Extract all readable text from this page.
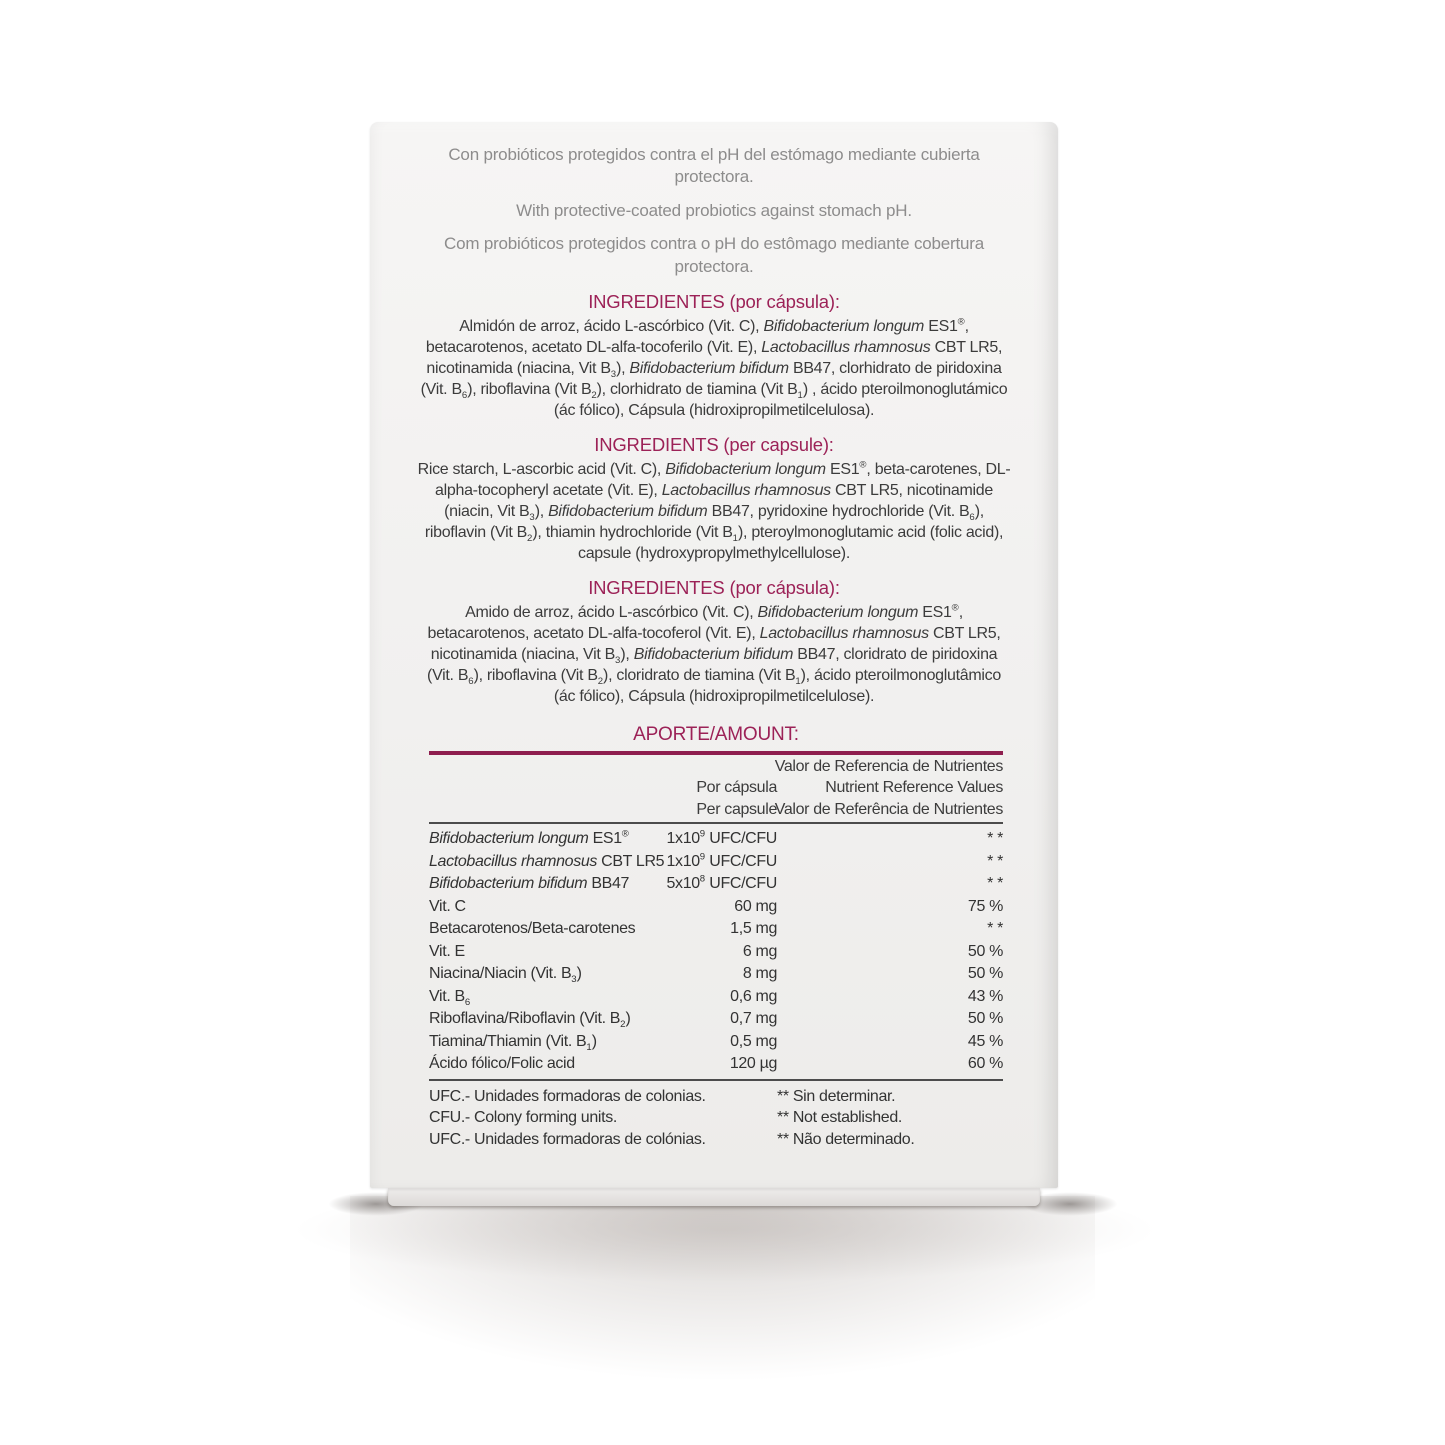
Con probióticos protegidos contra el pH del estómago mediante cubierta protectora.

With protective-coated probiotics against stomach pH.

Com probióticos protegidos contra o pH do estômago mediante cobertura protectora.

INGREDIENTES (por cápsula):

Almidón de arroz, ácido L-ascórbico (Vit. C), Bifidobacterium longum ES1®, betacarotenos, acetato DL-alfa-tocoferilo (Vit. E), Lactobacillus rhamnosus CBT LR5, nicotinamida (niacina, Vit $B_3$), Bifidobacterium bifidum BB47, clorhidrato de piridoxina (Vit. $B_6$), riboflavina (Vit $B_2$), clorhidrato de tiamina (Vit $B_1$) , ácido pteroilmonoglutámico (ác fólico), Cápsula (hidroxipropilmetilcelulosa).

INGREDIENTS (per capsule):

Rice starch, L-ascorbic acid (Vit. C), Bifidobacterium longum ES1®, beta-carotenes, DL-alpha-tocopheryl acetate (Vit. E), Lactobacillus rhamnosus CBT LR5, nicotinamide (niacin, Vit $B_3$), Bifidobacterium bifidum BB47, pyridoxine hydrochloride (Vit. $B_6$), riboflavin (Vit $B_2$), thiamin hydrochloride (Vit $B_1$), pteroylmonoglutamic acid (folic acid), capsule (hydroxypropylmethylcellulose).

INGREDIENTES (por cápsula):

Amido de arroz, ácido L-ascórbico (Vit. C), Bifidobacterium longum ES1®, betacarotenos, acetato DL-alfa-tocoferol (Vit. E), Lactobacillus rhamnosus CBT LR5, nicotinamida (niacina, Vit $B_3$), Bifidobacterium bifidum BB47, cloridrato de piridoxina (Vit. $B_6$), riboflavina (Vit $B_2$), cloridrato de tiamina (Vit $B_1$), ácido pteroilmonoglutâmico (ác fólico), Cápsula (hidroxipropilmetilcelulose).

APORTE/AMOUNT:
Por cápsula
Per capsule
Valor de Referencia de Nutrientes
Nutrient Reference Values
Valor de Referência de Nutrientes
Bifidobacterium longum ES1® $1x10^9$ UFC/CFU	* *
Lactobacillus rhamnosus CBT LR5 $1x10^9$ UFC/CFU	* *
Bifidobacterium bifidum BB47 $5x10^8$ UFC/CFU	* *
Vit. C	60 mg	75 %
Betacarotenos/Beta-carotenes	1,5 mg	* *
Vit. E	6 mg	50 %
Niacina/Niacin (Vit. $B_3$)	8 mg	50 %
Vit. $B_6$	0,6 mg	43 %
Riboflavina/Riboflavin (Vit. $B_2$)	0,7 mg	50 %
Tiamina/Thiamin (Vit. $B_1$)	0,5 mg	45 %
Ácido fólico/Folic acid	120 µg	60 %
UFC.- Unidades formadoras de colonias.	** Sin determinar.
CFU.- Colony forming units.	** Not established.
UFC.- Unidades formadoras de colónias.	** Não determinado.
